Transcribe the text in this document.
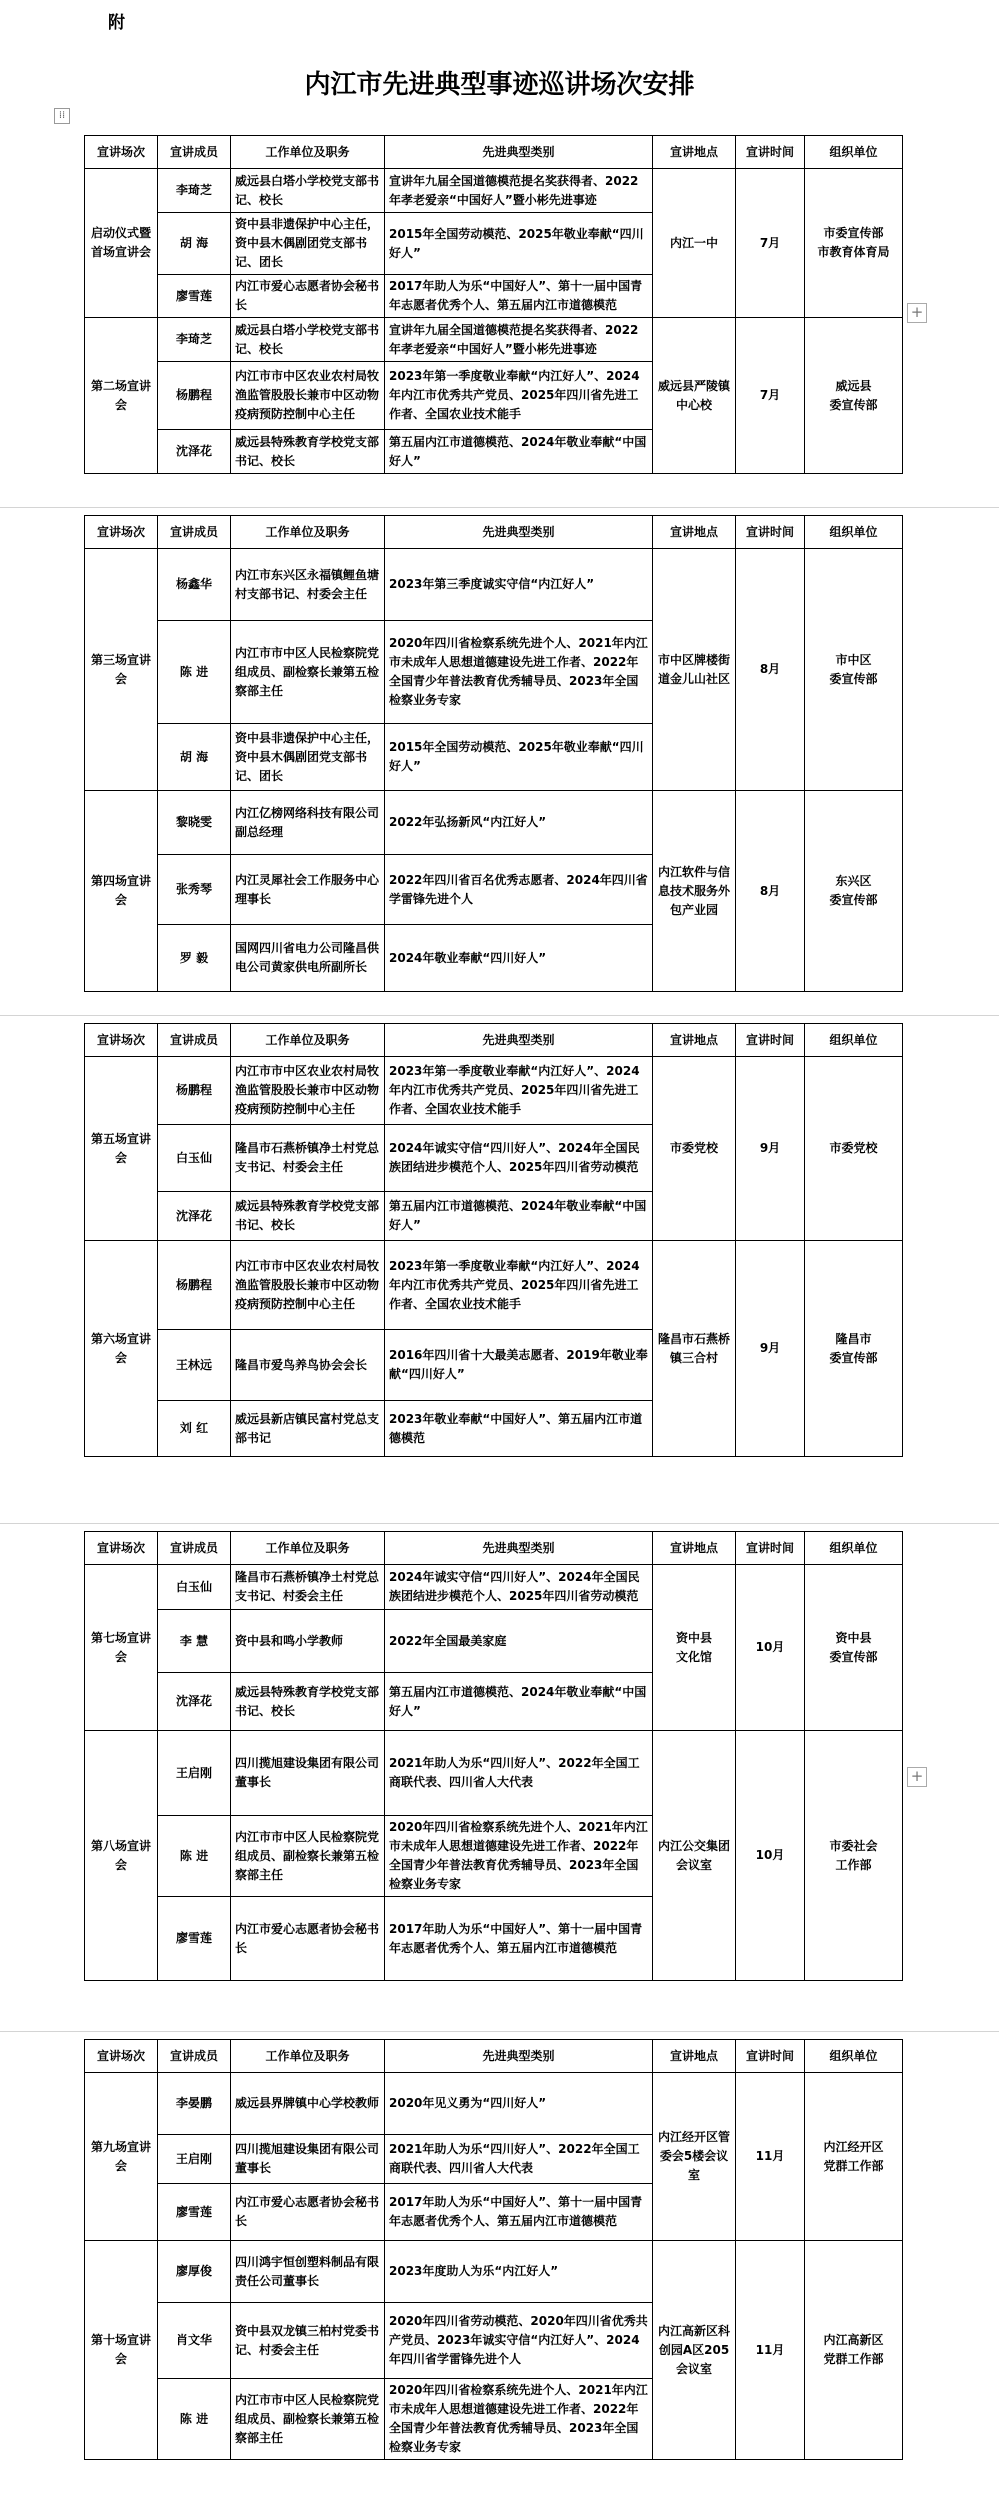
附
内江市先进典型事迹巡讲场次安排
⁞⁞
+
+
宣讲场次	宣讲成员	工作单位及职务	先进典型类别	宣讲地点	宣讲时间	组织单位
启动仪式暨首场宣讲会	李琦芝	威远县白塔小学校党支部书记、校长	宣讲年九届全国道德模范提名奖获得者、2022年孝老爱亲“中国好人”暨小彬先进事迹	内江一中	7月	市委宣传部
市教育体育局
	胡 海	资中县非遗保护中心主任，资中县木偶剧团党支部书记、团长	2015年全国劳动模范、2025年敬业奉献“四川好人”			
	廖雪莲	内江市爱心志愿者协会秘书长	2017年助人为乐“中国好人”、第十一届中国青年志愿者优秀个人、第五届内江市道德模范			
第二场宣讲会	李琦芝	威远县白塔小学校党支部书记、校长	宣讲年九届全国道德模范提名奖获得者、2022年孝老爱亲“中国好人”暨小彬先进事迹	威远县严陵镇中心校	7月	威远县
委宣传部
	杨鹏程	内江市市中区农业农村局牧渔监管股股长兼市中区动物疫病预防控制中心主任	2023年第一季度敬业奉献“内江好人”、2024年内江市优秀共产党员、2025年四川省先进工作者、全国农业技术能手			
	沈泽花	威远县特殊教育学校党支部书记、校长	第五届内江市道德模范、2024年敬业奉献“中国好人”			
宣讲场次	宣讲成员	工作单位及职务	先进典型类别	宣讲地点	宣讲时间	组织单位
第三场宣讲会	杨鑫华	内江市东兴区永福镇鲤鱼塘村支部书记、村委会主任	2023年第三季度诚实守信“内江好人”	市中区牌楼街道金儿山社区	8月	市中区
委宣传部
	陈 进	内江市市中区人民检察院党组成员、副检察长兼第五检察部主任	2020年四川省检察系统先进个人、2021年内江市未成年人思想道德建设先进工作者、2022年全国青少年普法教育优秀辅导员、2023年全国检察业务专家			
	胡 海	资中县非遗保护中心主任，资中县木偶剧团党支部书记、团长	2015年全国劳动模范、2025年敬业奉献“四川好人”			
第四场宣讲会	黎晓雯	内江亿榜网络科技有限公司副总经理	2022年弘扬新风“内江好人”	内江软件与信息技术服务外包产业园	8月	东兴区
委宣传部
	张秀琴	内江灵犀社会工作服务中心理事长	2022年四川省百名优秀志愿者、2024年四川省学雷锋先进个人			
	罗 毅	国网四川省电力公司隆昌供电公司黄家供电所副所长	2024年敬业奉献“四川好人”			
宣讲场次	宣讲成员	工作单位及职务	先进典型类别	宣讲地点	宣讲时间	组织单位
第五场宣讲会	杨鹏程	内江市市中区农业农村局牧渔监管股股长兼市中区动物疫病预防控制中心主任	2023年第一季度敬业奉献“内江好人”、2024年内江市优秀共产党员、2025年四川省先进工作者、全国农业技术能手	市委党校	9月	市委党校
	白玉仙	隆昌市石燕桥镇净土村党总支书记、村委会主任	2024年诚实守信“四川好人”、2024年全国民族团结进步模范个人、2025年四川省劳动模范			
	沈泽花	威远县特殊教育学校党支部书记、校长	第五届内江市道德模范、2024年敬业奉献“中国好人”			
第六场宣讲会	杨鹏程	内江市市中区农业农村局牧渔监管股股长兼市中区动物疫病预防控制中心主任	2023年第一季度敬业奉献“内江好人”、2024年内江市优秀共产党员、2025年四川省先进工作者、全国农业技术能手	隆昌市石燕桥镇三合村	9月	隆昌市
委宣传部
	王林远	隆昌市爱鸟养鸟协会会长	2016年四川省十大最美志愿者、2019年敬业奉献“四川好人”			
	刘 红	威远县新店镇民富村党总支部书记	2023年敬业奉献“中国好人”、第五届内江市道德模范			
宣讲场次	宣讲成员	工作单位及职务	先进典型类别	宣讲地点	宣讲时间	组织单位
第七场宣讲会	白玉仙	隆昌市石燕桥镇净土村党总支书记、村委会主任	2024年诚实守信“四川好人”、2024年全国民族团结进步模范个人、2025年四川省劳动模范	资中县
文化馆	10月	资中县
委宣传部
	李 慧	资中县和鸣小学教师	2022年全国最美家庭			
	沈泽花	威远县特殊教育学校党支部书记、校长	第五届内江市道德模范、2024年敬业奉献“中国好人”			
第八场宣讲会	王启刚	四川揽旭建设集团有限公司董事长	2021年助人为乐“四川好人”、2022年全国工商联代表、四川省人大代表	内江公交集团会议室	10月	市委社会
工作部
	陈 进	内江市市中区人民检察院党组成员、副检察长兼第五检察部主任	2020年四川省检察系统先进个人、2021年内江市未成年人思想道德建设先进工作者、2022年全国青少年普法教育优秀辅导员、2023年全国检察业务专家			
	廖雪莲	内江市爱心志愿者协会秘书长	2017年助人为乐“中国好人”、第十一届中国青年志愿者优秀个人、第五届内江市道德模范			
宣讲场次	宣讲成员	工作单位及职务	先进典型类别	宣讲地点	宣讲时间	组织单位
第九场宣讲会	李晏鹏	威远县界牌镇中心学校教师	2020年见义勇为“四川好人”	内江经开区管委会5楼会议室	11月	内江经开区
党群工作部
	王启刚	四川揽旭建设集团有限公司董事长	2021年助人为乐“四川好人”、2022年全国工商联代表、四川省人大代表			
	廖雪莲	内江市爱心志愿者协会秘书长	2017年助人为乐“中国好人”、第十一届中国青年志愿者优秀个人、第五届内江市道德模范			
第十场宣讲会	廖厚俊	四川鸿宇恒创塑料制品有限责任公司董事长	2023年度助人为乐“内江好人”	内江高新区科创园A区205会议室	11月	内江高新区
党群工作部
	肖文华	资中县双龙镇三柏村党委书记、村委会主任	2020年四川省劳动模范、2020年四川省优秀共产党员、2023年诚实守信“内江好人”、2024年四川省学雷锋先进个人			
	陈 进	内江市市中区人民检察院党组成员、副检察长兼第五检察部主任	2020年四川省检察系统先进个人、2021年内江市未成年人思想道德建设先进工作者、2022年全国青少年普法教育优秀辅导员、2023年全国检察业务专家			
